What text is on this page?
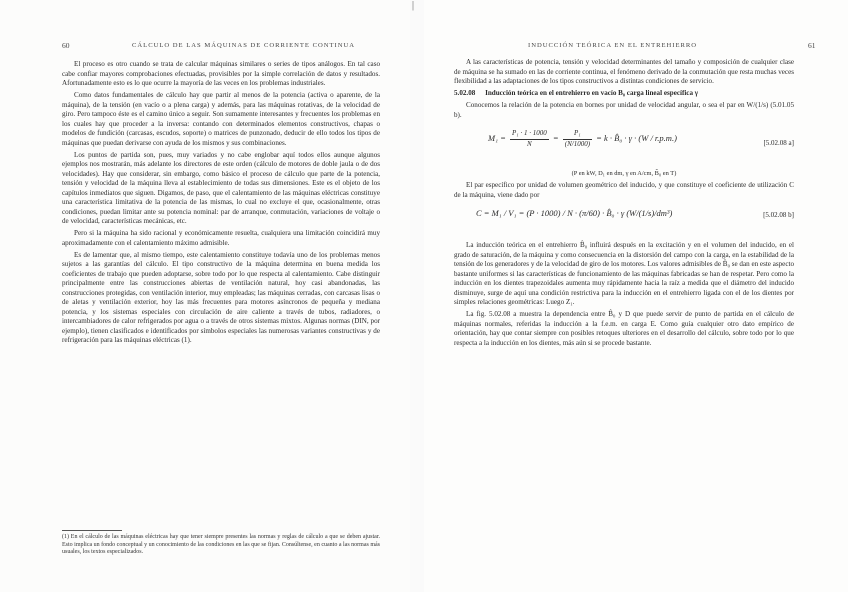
60	CÁLCULO DE LAS MÁQUINAS DE CORRIENTE CONTINUA

El proceso es otro cuando se trata de calcular máquinas similares o series de tipos análogos. En tal caso cabe confiar mayores comprobaciones efectuadas, provisibles por la simple correlación de datos y resultados. Afortunadamente esto es lo que ocurre la mayoría de las veces en los problemas industriales.

Como datos fundamentales de cálculo hay que partir al menos de la potencia (activa o aparente, de la máquina), de la tensión (en vacío o a plena carga) y además, para las máquinas rotativas, de la velocidad de giro. Pero tampoco éste es el camino único a seguir. Son sumamente interesantes y frecuentes los problemas en los cuales hay que proceder a la inversa: contando con determinados elementos constructivos, chapas o modelos de fundición (carcasas, escudos, soporte) o matrices de punzonado, deducir de ello todos los tipos de máquinas que puedan derivarse con ayuda de los mismos y sus combinaciones.

Los puntos de partida son, pues, muy variados y no cabe englobar aquí todos ellos aunque algunos ejemplos nos mostrarán, más adelante los directores de este orden (cálculo de motores de doble jaula o de dos velocidades). Hay que considerar, sin embargo, como básico el proceso de cálculo que parte de la potencia, tensión y velocidad de la máquina lleva al establecimiento de todas sus dimensiones. Este es el objeto de los capítulos inmediatos que siguen. Digamos, de paso, que el calentamiento de las máquinas eléctricas constituye una característica limitativa de la potencia de las mismas, lo cual no excluye el que, ocasionalmente, otras condiciones, puedan limitar ante su potencia nominal: par de arranque, conmutación, variaciones de voltaje o de velocidad, características mecánicas, etc.

Pero si la máquina ha sido racional y económicamente resuelta, cualquiera una limitación coincidirá muy aproximadamente con el calentamiento máximo admisible.

Es de lamentar que, al mismo tiempo, este calentamiento constituye todavía uno de los problemas menos sujetos a las garantías del cálculo. El tipo constructivo de la máquina determina en buena medida los coeficientes de trabajo que pueden adoptarse, sobre todo por lo que respecta al calentamiento. Cabe distinguir principalmente entre las construcciones abiertas de ventilación natural, hoy casi abandonadas, las construcciones protegidas, con ventilación interior, muy empleadas; las máquinas cerradas, con carcasas lisas o de aletas y ventilación exterior, hoy las más frecuentes para motores asíncronos de pequeña y mediana potencia, y los sistemas especiales con circulación de aire caliente a través de tubos, radiadores, o intercambiadores de calor refrigerados por agua o a través de otros sistemas mixtos. Algunas normas (DIN, por ejemplo), tienen clasificados e identificados por símbolos especiales las numerosas variantes constructivas y de refrigeración para las máquinas eléctricas (1).

(1) En el cálculo de las máquinas eléctricas hay que tener siempre presentes las normas y reglas de cálculo a que se deben ajustar. Esto implica un fondo conceptual y un conocimiento de las condiciones en las que se fijan. Consúltense, en cuanto a las normas más usuales, los textos especializados.
|
INDUCCIÓN TEÓRICA EN EL ENTREHIERRO	61

A las características de potencia, tensión y velocidad determinantes del tamaño y composición de cualquier clase de máquina se ha sumado en las de corriente continua, el fenómeno derivado de la conmutación que resta muchas veces flexibilidad a las adaptaciones de los tipos constructivos a distintas condiciones de servicio.

5.02.08 Inducción teórica en el entrehierro en vacío B₀ carga lineal específica γ

Conocemos la relación de la potencia en bornes por unidad de velocidad angular, o sea el par en W/(1/s) (5.01.05 b).

$M_1 = \frac{\text{P₁ · 1 · 1000}}{N} = \frac{\text{P₁}}{(N/1000)} = k$ · B̂₀ · γ · (W / r.p.m.)
[5.02.08 a]

(P en kW, D₁ en dm, γ en A/cm, B̂₀ en T)

El par específico por unidad de volumen geométrico del inducido, y que constituye el coeficiente de utilización C de la máquina, viene dado por

C = M₁ / V₁ = (P · 1000) / N · (π/60) · B̂₀ · γ (W/(1/s)/dm³)	[5.02.08 b]

La inducción teórica en el entrehierro B̂₀ influirá después en la excitación y en el volumen del inducido, en el grado de saturación, de la máquina y como consecuencia en la distorsión del campo con la carga, en la estabilidad de la tensión de los generadores y de la velocidad de giro de los motores. Los valores admisibles de B̂₀ se dan en este aspecto bastante uniformes si las características de funcionamiento de las máquinas fabricadas se han de respetar. Pero como la inducción en los dientes trapezoidales aumenta muy rápidamente hacia la raíz a medida que el diámetro del inducido disminuye, surge de aquí una condición restrictiva para la inducción en el entrehierro ligada con el de los dientes por simples relaciones geométricas: Luego Z₁.

La fig. 5.02.08 a muestra la dependencia entre B̂₀ y D que puede servir de punto de partida en el cálculo de máquinas normales, referidas la inducción a la f.e.m. en carga E. Como guía cualquier otro dato empírico de orientación, hay que contar siempre con posibles retoques ulteriores en el desarrollo del cálculo, sobre todo por lo que respecta a la inducción en los dientes, más aún si se procede bastante.
